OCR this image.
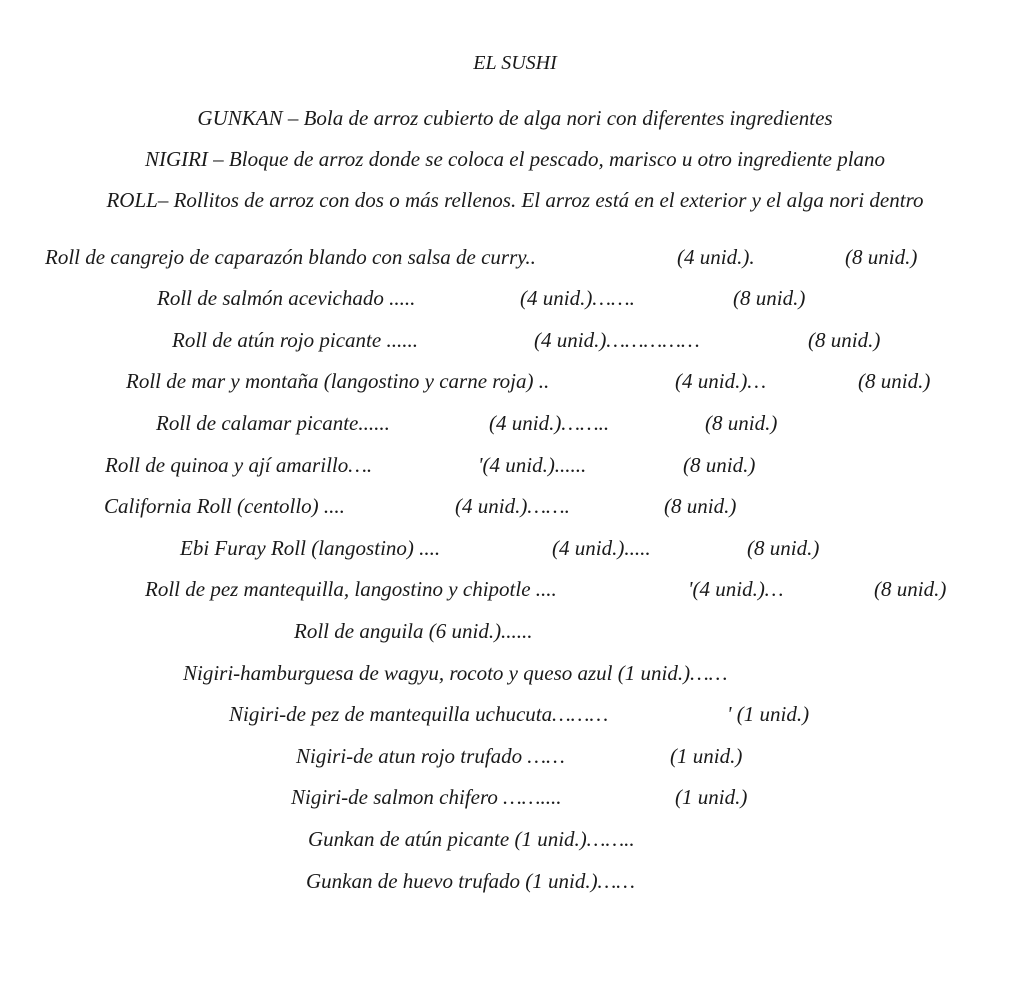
EL SUSHI
GUNKAN – Bola de arroz cubierto de alga nori con diferentes ingredientes
NIGIRI – Bloque de arroz donde se coloca el pescado, marisco u otro ingrediente plano
ROLL– Rollitos de arroz con dos o más rellenos. El arroz está en el exterior y el alga nori dentro
Roll de cangrejo de caparazón blando con salsa de curry..	(4 unid.).	(8 unid.)
Roll de salmón acevichado .....	(4 unid.)…….	(8 unid.)
Roll de atún rojo picante ......	(4 unid.)……………	(8 unid.)
Roll de mar y montaña (langostino y carne roja) ..	(4 unid.)…	(8 unid.)
Roll de calamar picante......	(4 unid.)……..	(8 unid.)
Roll de quinoa y ají amarillo….	'(4 unid.)......	(8 unid.)
California Roll (centollo) ....	(4 unid.)…….	(8 unid.)
Ebi Furay Roll (langostino) ....	(4 unid.).....	(8 unid.)
Roll de pez mantequilla, langostino y chipotle ....	'(4 unid.)…	(8 unid.)
Roll de anguila (6 unid.)......
Nigiri-hamburguesa de wagyu, rocoto y queso azul (1 unid.)……
Nigiri-de pez de mantequilla uchucuta………	' (1 unid.)
Nigiri-de atun rojo trufado ……	(1 unid.)
Nigiri-de salmon chifero ……....	(1 unid.)
Gunkan de atún picante (1 unid.)……..
Gunkan de huevo trufado (1 unid.)……
